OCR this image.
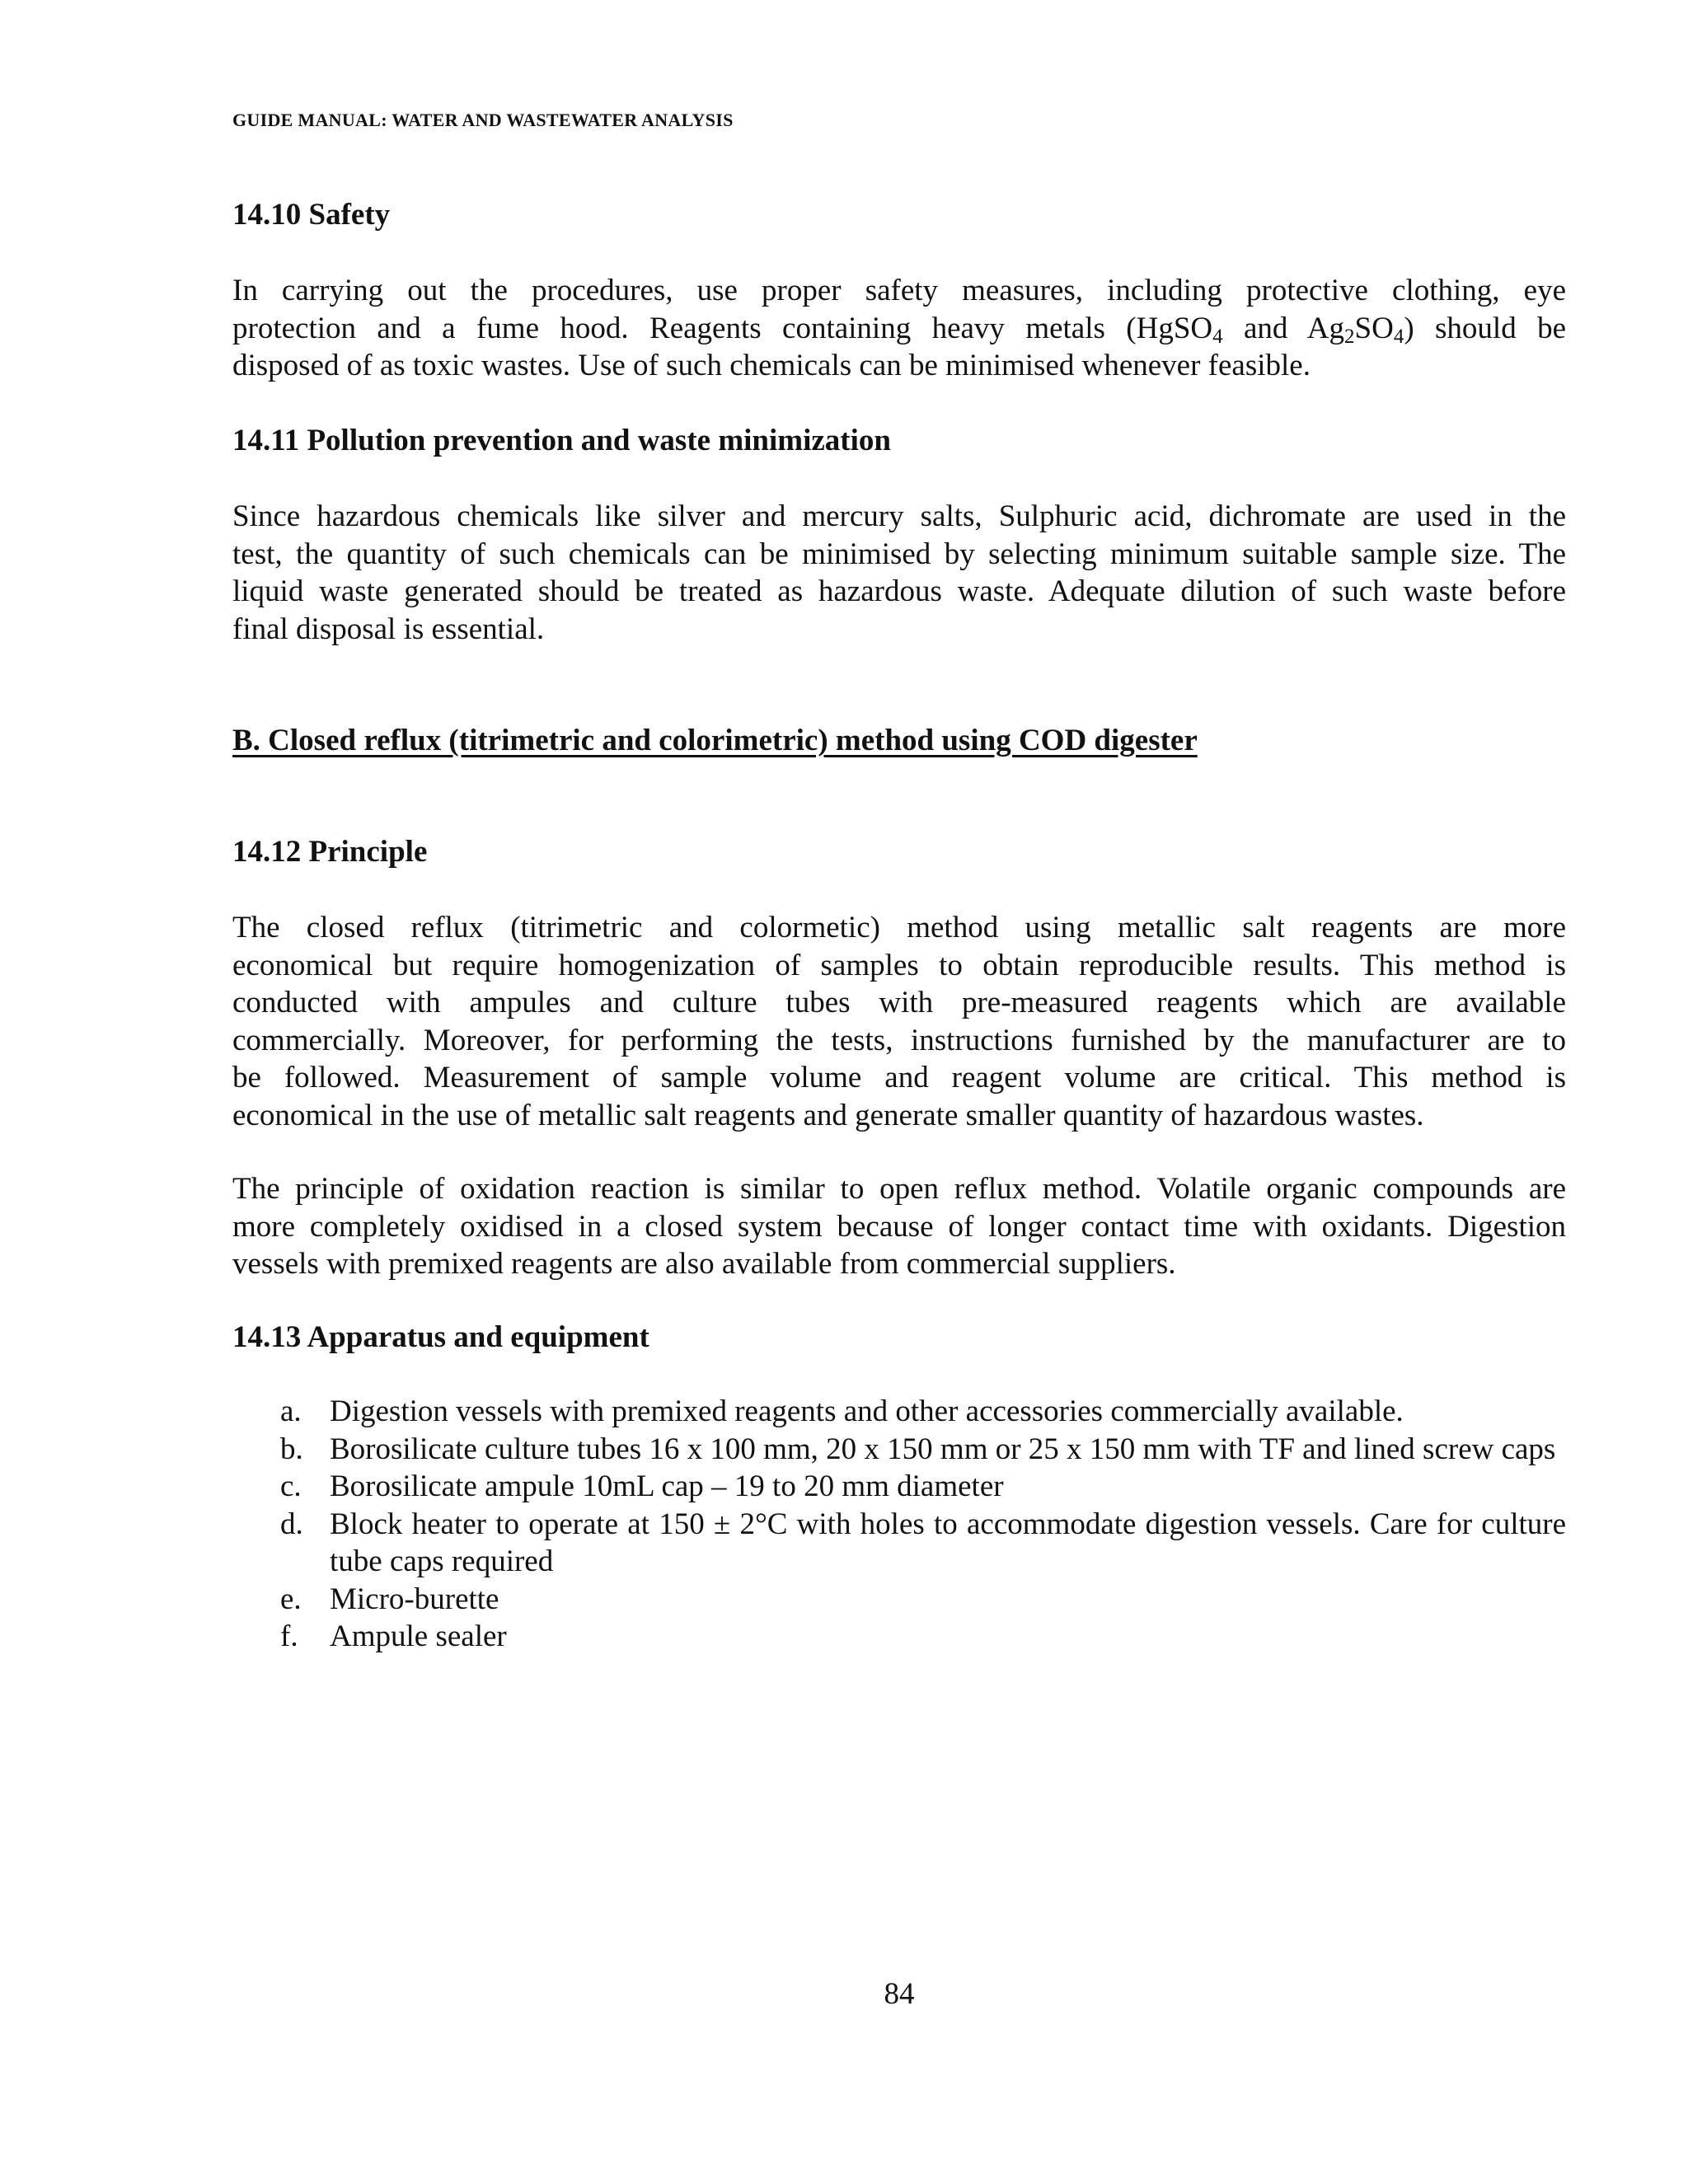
GUIDE MANUAL: WATER AND WASTEWATER ANALYSIS
14.10 Safety
In carrying out the procedures, use proper safety measures, including protective clothing, eye
protection and a fume hood. Reagents containing heavy metals (HgSO$_4$ and $Ag_2SO_4$) should be
disposed of as toxic wastes. Use of such chemicals can be minimised whenever feasible.
14.11 Pollution prevention and waste minimization
Since hazardous chemicals like silver and mercury salts, Sulphuric acid, dichromate are used in the
test, the quantity of such chemicals can be minimised by selecting minimum suitable sample size. The
liquid waste generated should be treated as hazardous waste. Adequate dilution of such waste before
final disposal is essential.
B. Closed reflux (titrimetric and colorimetric) method using COD digester
14.12 Principle
The closed reflux (titrimetric and colormetic) method using metallic salt reagents are more
economical but require homogenization of samples to obtain reproducible results. This method is
conducted with ampules and culture tubes with pre-measured reagents which are available
commercially. Moreover, for performing the tests, instructions furnished by the manufacturer are to
be followed. Measurement of sample volume and reagent volume are critical. This method is
economical in the use of metallic salt reagents and generate smaller quantity of hazardous wastes.
The principle of oxidation reaction is similar to open reflux method. Volatile organic compounds are
more completely oxidised in a closed system because of longer contact time with oxidants. Digestion
vessels with premixed reagents are also available from commercial suppliers.
14.13 Apparatus and equipment
a. Digestion vessels with premixed reagents and other accessories commercially available.
b. Borosilicate culture tubes 16 x 100 mm, 20 x 150 mm or 25 x 150 mm with TF and lined screw caps
c. Borosilicate ampule 10mL cap – 19 to 20 mm diameter
d. Block heater to operate at 150 ± 2°C with holes to accommodate digestion vessels. Care for culture tube caps required
e. Micro-burette
f. Ampule sealer
84
